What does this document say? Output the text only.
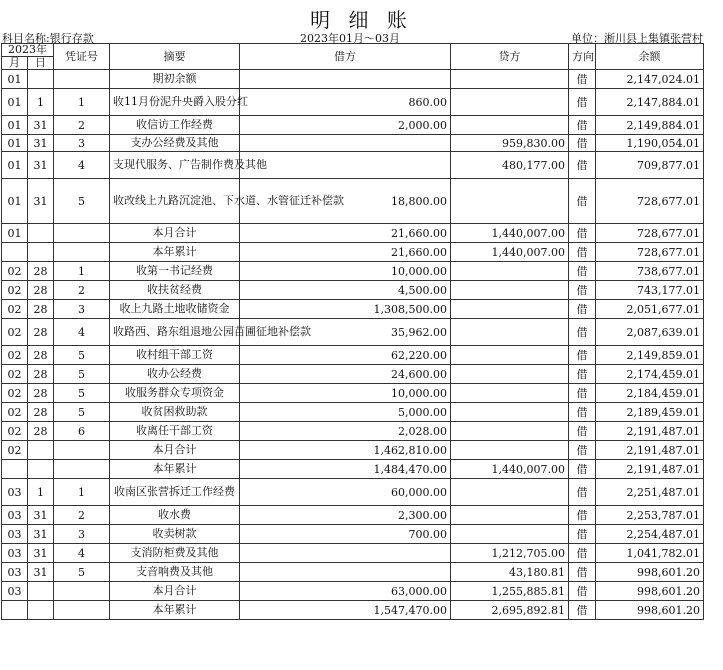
明 细 账
科目名称:银行存款	2023年01月～03月	单位：淅川县上集镇张营村
2023年		凭证号	摘要	借方	贷方	方向	余额
月	日						
01			期初余额			借	2,147,024.01
01	1	1	收11月份泥升央爵入股分红	860.00		借	2,147,884.01
01	31	2	收信访工作经费	2,000.00		借	2,149,884.01
01	31	3	支办公经费及其他		959,830.00	借	1,190,054.01
01	31	4	支现代服务、广告制作费及其他		480,177.00	借	709,877.01
01	31	5	收改线上九路沉淀池、下水道、水管征迁补偿款	18,800.00		借	728,677.01
01			本月合计	21,660.00	1,440,007.00	借	728,677.01
			本年累计	21,660.00	1,440,007.00	借	728,677.01
02	28	1	收第一书记经费	10,000.00		借	738,677.01
02	28	2	收扶贫经费	4,500.00		借	743,177.01
02	28	3	收上九路土地收储资金	1,308,500.00		借	2,051,677.01
02	28	4	收路西、路东组退地公园苗圃征地补偿款	35,962.00		借	2,087,639.01
02	28	5	收村组干部工资	62,220.00		借	2,149,859.01
02	28	5	收办公经费	24,600.00		借	2,174,459.01
02	28	5	收服务群众专项资金	10,000.00		借	2,184,459.01
02	28	5	收贫困救助款	5,000.00		借	2,189,459.01
02	28	6	收离任干部工资	2,028.00		借	2,191,487.01
02			本月合计	1,462,810.00		借	2,191,487.01
			本年累计	1,484,470.00	1,440,007.00	借	2,191,487.01
03	1	1	收南区张营拆迁工作经费	60,000.00		借	2,251,487.01
03	31	2	收水费	2,300.00		借	2,253,787.01
03	31	3	收卖树款	700.00		借	2,254,487.01
03	31	4	支消防柜费及其他		1,212,705.00	借	1,041,782.01
03	31	5	支音响费及其他		43,180.81	借	998,601.20
03			本月合计	63,000.00	1,255,885.81	借	998,601.20
			本年累计	1,547,470.00	2,695,892.81	借	998,601.20
